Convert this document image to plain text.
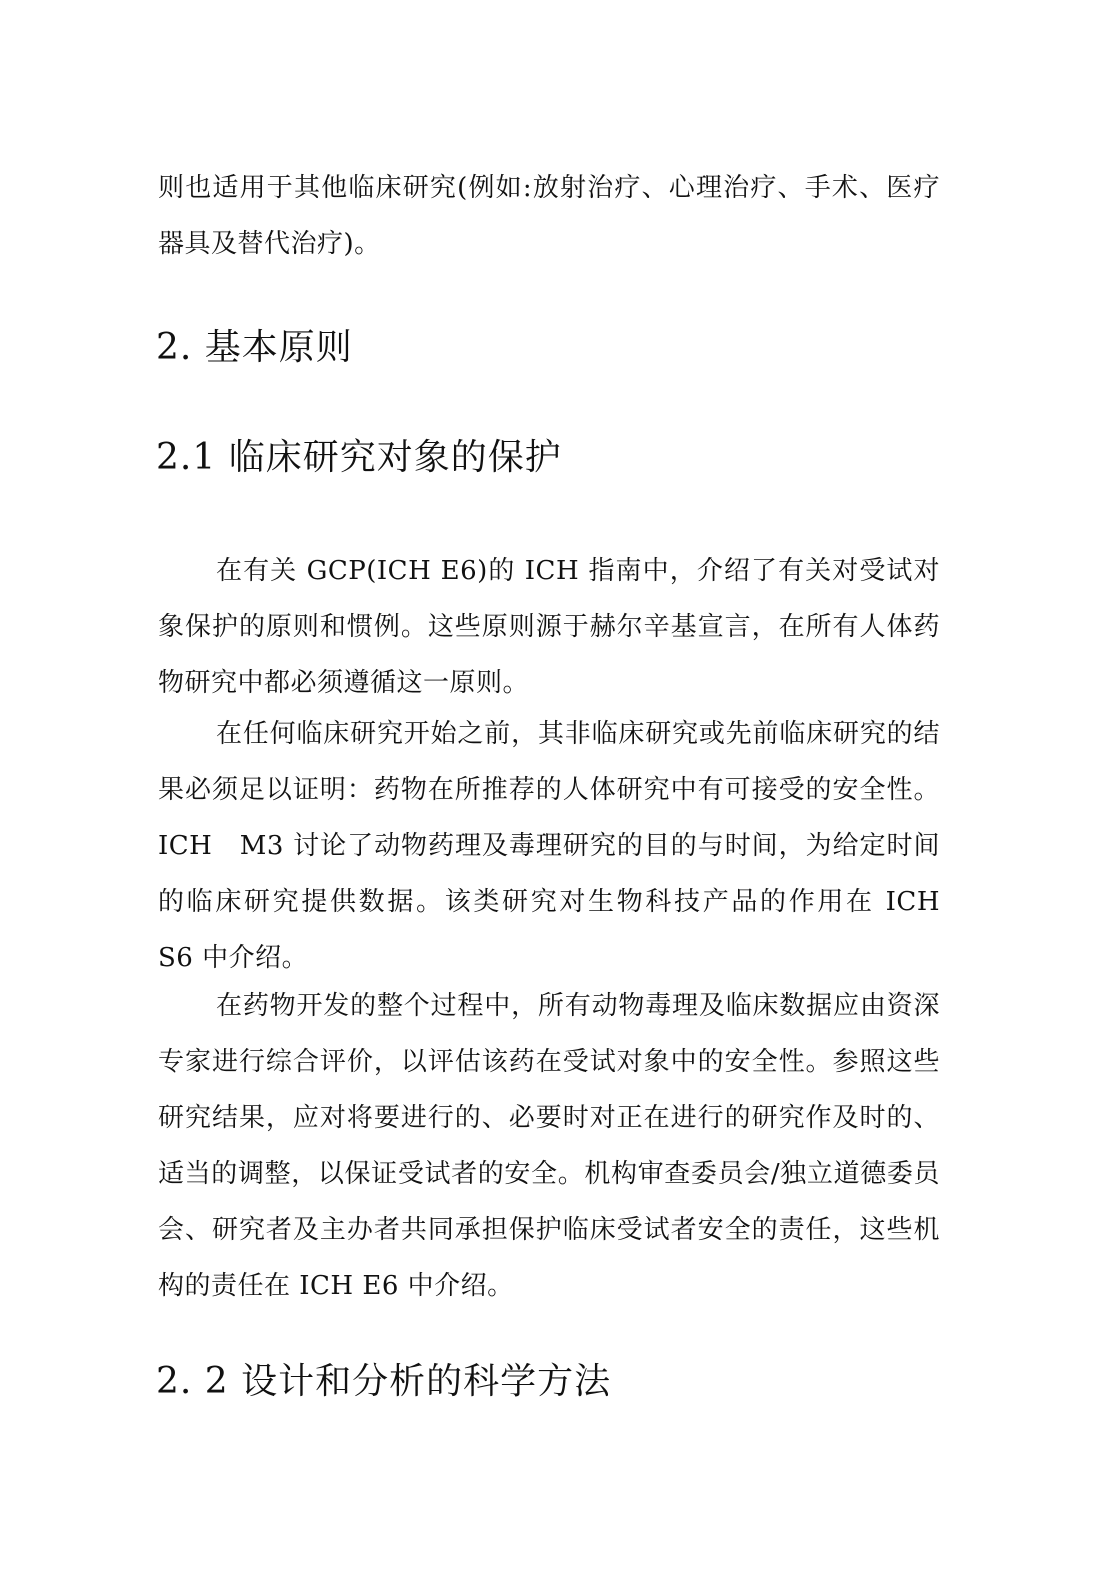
则也适用于其他临床研究(例如:放射治疗、心理治疗、手术、医疗器具及替代治疗)。

2. 基本原则
2.1 临床研究对象的保护

在有关 GCP(ICH E6)的 ICH 指南中，介绍了有关对受试对象保护的原则和惯例。这些原则源于赫尔辛基宣言，在所有人体药物研究中都必须遵循这一原则。

在任何临床研究开始之前，其非临床研究或先前临床研究的结果必须足以证明：药物在所推荐的人体研究中有可接受的安全性。ICH　M3 讨论了动物药理及毒理研究的目的与时间，为给定时间的临床研究提供数据。该类研究对生物科技产品的作用在 ICH　S6 中介绍。

在药物开发的整个过程中，所有动物毒理及临床数据应由资深专家进行综合评价，以评估该药在受试对象中的安全性。参照这些研究结果，应对将要进行的、必要时对正在进行的研究作及时的、适当的调整，以保证受试者的安全。机构审查委员会/独立道德委员会、研究者及主办者共同承担保护临床受试者安全的责任，这些机构的责任在 ICH E6 中介绍。

2. 2 设计和分析的科学方法
